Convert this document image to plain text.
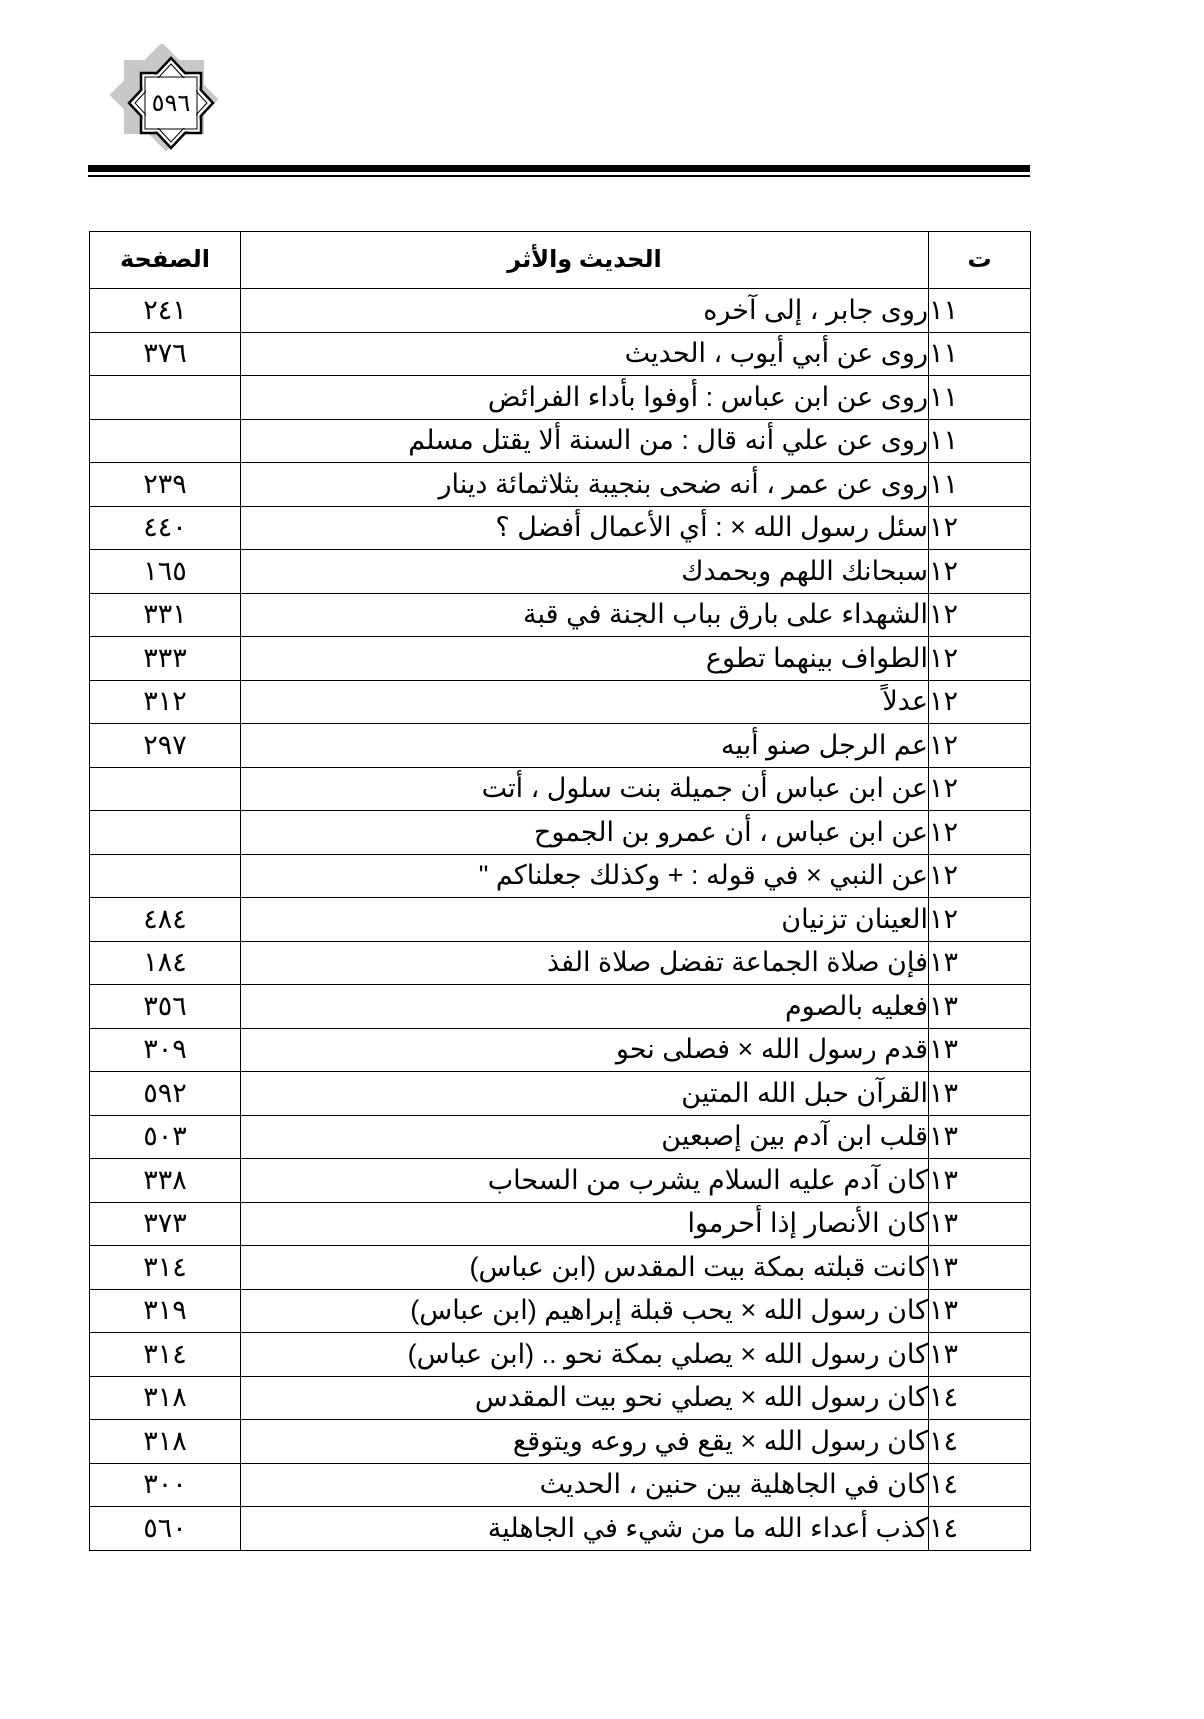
٥٩٦
ت	الحديث والأثر	الصفحة
١١	روى جابر ، إلى آخره	٢٤١
١١	روى عن أبي أيوب ، الحديث	٣٧٦
١١	روى عن ابن عباس : أوفوا بأداء الفرائض	
١١	روى عن علي أنه قال : من السنة ألا يقتل مسلم	
١١	روى عن عمر ، أنه ضحى بنجيبة بثلاثمائة دينار	٢٣٩
١٢	سئل رسول الله × : أي الأعمال أفضل ؟	٤٤٠
١٢	سبحانك اللهم وبحمدك	١٦٥
١٢	الشهداء على بارق بباب الجنة في قبة	٣٣١
١٢	الطواف بينهما تطوع	٣٣٣
١٢	عدلاً	٣١٢
١٢	عم الرجل صنو أبيه	٢٩٧
١٢	عن ابن عباس أن جميلة بنت سلول ، أتت	
١٢	عن ابن عباس ، أن عمرو بن الجموح	
١٢	عن النبي × في قوله : + وكذلك جعلناكم "	
١٢	العينان تزنيان	٤٨٤
١٣	فإن صلاة الجماعة تفضل صلاة الفذ	١٨٤
١٣	فعليه بالصوم	٣٥٦
١٣	قدم رسول الله × فصلى نحو	٣٠٩
١٣	القرآن حبل الله المتين	٥٩٢
١٣	قلب ابن آدم بين إصبعين	٥٠٣
١٣	كان آدم عليه السلام يشرب من السحاب	٣٣٨
١٣	كان الأنصار إذا أحرموا	٣٧٣
١٣	كانت قبلته بمكة بيت المقدس (ابن عباس)	٣١٤
١٣	كان رسول الله × يحب قبلة إبراهيم (ابن عباس)	٣١٩
١٣	كان رسول الله × يصلي بمكة نحو .. (ابن عباس)	٣١٤
١٤	كان رسول الله × يصلي نحو بيت المقدس	٣١٨
١٤	كان رسول الله × يقع في روعه ويتوقع	٣١٨
١٤	كان في الجاهلية بين حنين ، الحديث	٣٠٠
١٤	كذب أعداء الله ما من شيء في الجاهلية	٥٦٠
